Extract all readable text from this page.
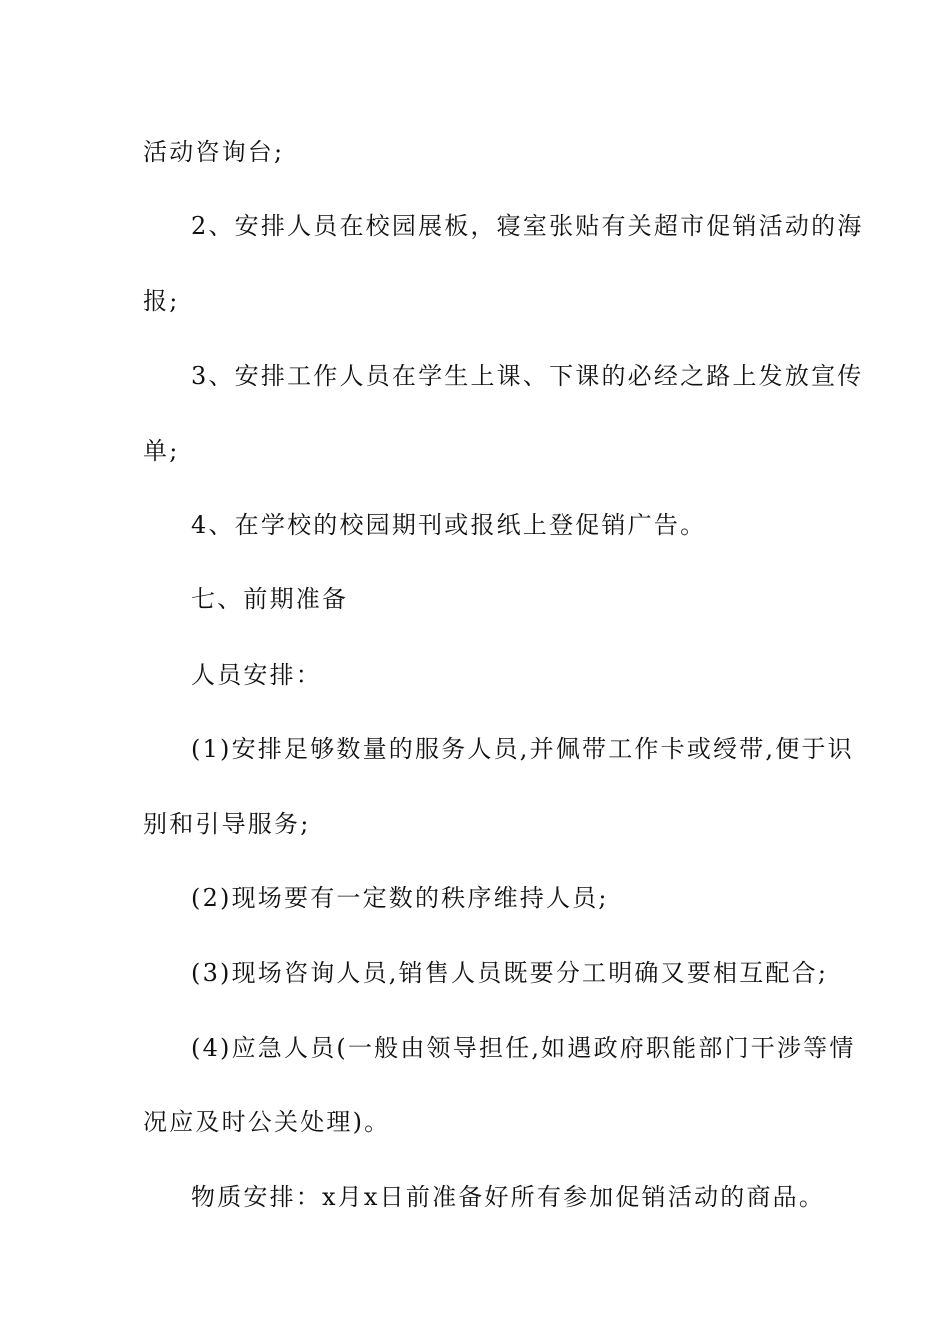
活动咨询台;
2、安排人员在校园展板，寝室张贴有关超市促销活动的海
报;
3、安排工作人员在学生上课、下课的必经之路上发放宣传
单;
4、在学校的校园期刊或报纸上登促销广告。
七、前期准备
人员安排：
(1)安排足够数量的服务人员,并佩带工作卡或绶带,便于识
别和引导服务;
(2)现场要有一定数的秩序维持人员;
(3)现场咨询人员,销售人员既要分工明确又要相互配合;
(4)应急人员(一般由领导担任,如遇政府职能部门干涉等情
况应及时公关处理)。
物质安排：x月x日前准备好所有参加促销活动的商品。
